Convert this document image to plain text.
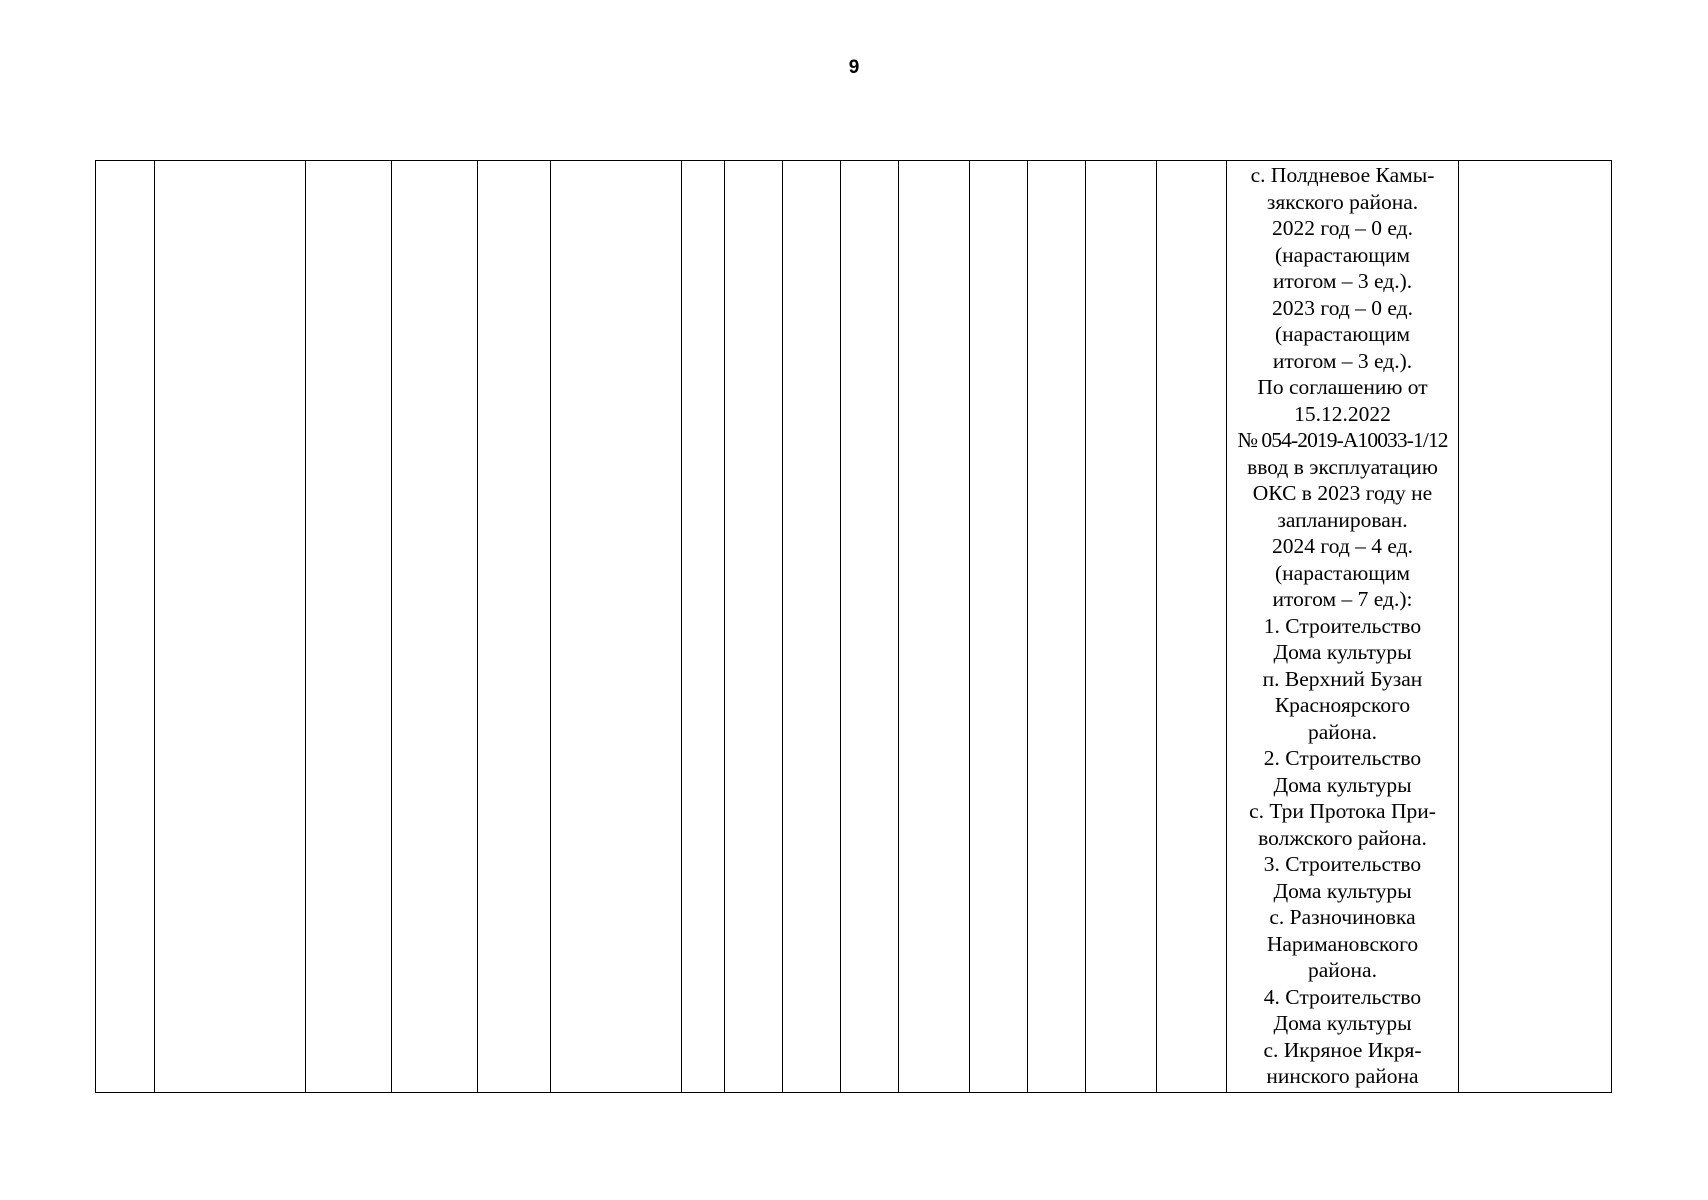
9
с. Полдневое Камы-
зякского района.
2022 год – 0 ед.
(нарастающим
итогом – 3 ед.).
2023 год – 0 ед.
(нарастающим
итогом – 3 ед.).
По соглашению от
15.12.2022
№ 054-2019-А10033-1/12
ввод в эксплуатацию
ОКС в 2023 году не
запланирован.
2024 год – 4 ед.
(нарастающим
итогом – 7 ед.):
1. Строительство
Дома культуры
п. Верхний Бузан
Красноярского
района.
2. Строительство
Дома культуры
с. Три Протока При-
волжского района.
3. Строительство
Дома культуры
с. Разночиновка
Наримановского
района.
4. Строительство
Дома культуры
с. Икряное Икря-
нинского района
